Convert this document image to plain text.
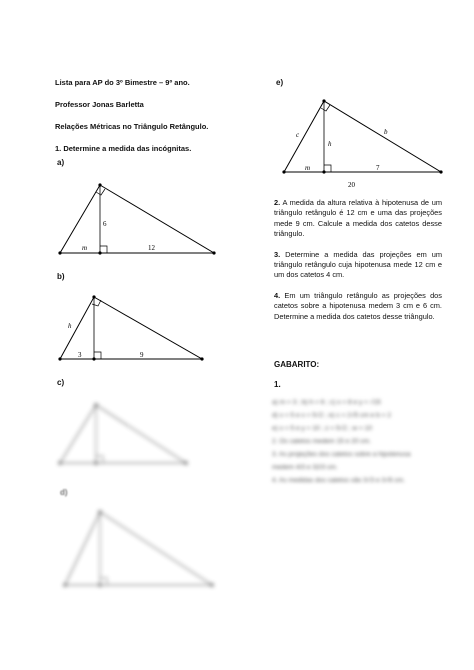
Lista para AP do 3º Bimestre – 9º ano.
Professor Jonas Barletta
Relações Métricas no Triângulo Retângulo.
1. Determine a medida das incógnitas.
a)
6
m	12
b)
h
3	9
c)
d)
e)
c	b
h
m	7
20

2. A medida da altura relativa à hipotenusa de um triângulo retângulo é 12 cm e uma das projeções mede 9 cm. Calcule a medida dos catetos desse triângulo.

3. Determine a medida das projeções em um triângulo retângulo cuja hipotenusa mede 12 cm e um dos catetos 4 cm.

4. Em um triângulo retângulo as projeções dos catetos sobre a hipotenusa medem 3 cm e 6 cm. Determine a medida dos catetos desse triângulo.

GABARITO:
1.
a) m = 3 ; b) h = 6 ; c) x = 8 e y = √15
d) x = 5 e x = 5√2 ; e) c = 2√5 cm e b = 2
e) x = 5 e y = 10 ; z = 5√2 ; w = 10
2. Os catetos medem 15 e 20 cm.
3. As projeções dos catetos sobre a hipotenusa
medem 4/3 e 32/3 cm.
4. As medidas dos catetos são 3√3 e 3√6 cm.
